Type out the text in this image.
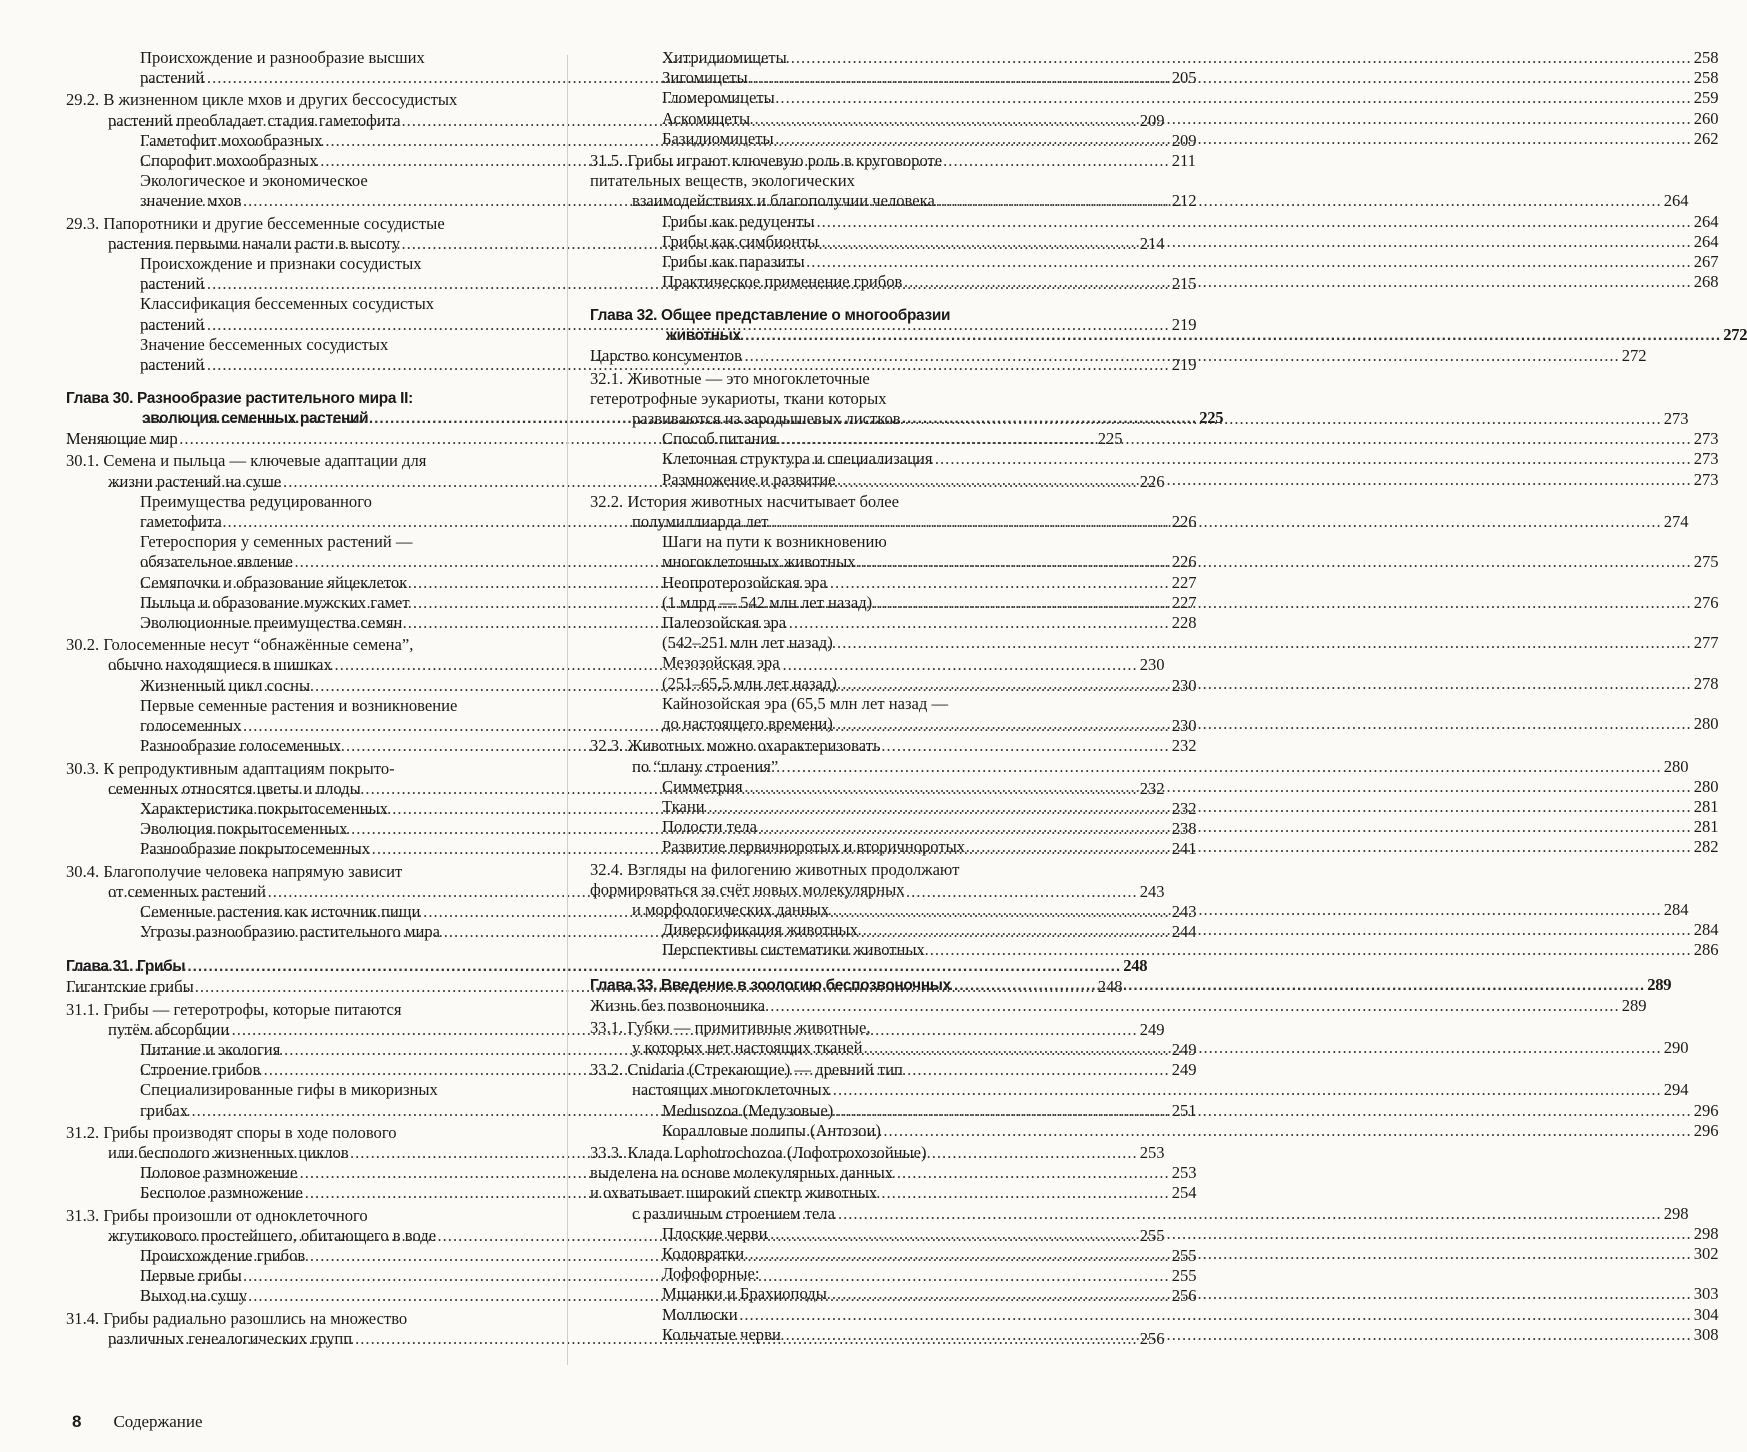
Происхождение и разнообразие высших
растений .....	205
29.2. В жизненном цикле мхов и других бессосудистых
растений преобладает стадия гаметофита .....	209
Гаметофит мохообразных .....	209
Спорофит мохообразных .....	211
Экологическое и экономическое
значение мхов .....	212
29.3. Папоротники и другие бессеменные сосудистые
растения первыми начали расти в высоту .....	214
Происхождение и признаки сосудистых
растений .....	215
Классификация бессеменных сосудистых
растений .....	219
Значение бессеменных сосудистых
растений .....	219
Глава 30. Разнообразие растительного мира II:
эволюция семенных растений .....	225
Меняющие мир .....	225
30.1. Семена и пыльца — ключевые адаптации для
жизни растений на суше .....	226
Преимущества редуцированного
гаметофита .....	226
Гетероспория у семенных растений —
обязательное явление .....	226
Семяпочки и образование яйцеклеток .....	227
Пыльца и образование мужских гамет .....	227
Эволюционные преимущества семян .....	228
30.2. Голосеменные несут “обнажённые семена”,
обычно находящиеся в шишках .....	230
Жизненный цикл сосны .....	230
Первые семенные растения и возникновение
голосеменных .....	230
Разнообразие голосеменных .....	232
30.3. К репродуктивным адаптациям покрыто-
семенных относятся цветы и плоды .....	232
Характеристика покрытосеменных .....	232
Эволюция покрытосеменных .....	238
Разнообразие покрытосеменных .....	241
30.4. Благополучие человека напрямую зависит
от семенных растений .....	243
Семенные растения как источник пищи .....	243
Угрозы разнообразию растительного мира .....	244
Глава 31. Грибы .....	248
Гигантские грибы .....	248
31.1. Грибы — гетеротрофы, которые питаются
путём абсорбции .....	249
Питание и экология .....	249
Строение грибов .....	249
Специализированные гифы в микоризных
грибах .....	251
31.2. Грибы производят споры в ходе полового
или бесполого жизненных циклов .....	253
Половое размножение .....	253
Бесполое размножение .....	254
31.3. Грибы произошли от одноклеточного
жгутикового простейшего, обитающего в воде .....	255
Происхождение грибов .....	255
Первые грибы .....	255
Выход на сушу .....	256
31.4. Грибы радиально разошлись на множество
различных генеалогических групп .....	256
Хитридиомицеты .....	258
Зигомицеты .....	258
Гломеромицеты .....	259
Аскомицеты .....	260
Базидиомицеты .....	262
31.5. Грибы играют ключевую роль в круговороте
питательных веществ, экологических
взаимодействиях и благополучии человека .....	264
Грибы как редуценты .....	264
Грибы как симбионты .....	264
Грибы как паразиты .....	267
Практическое применение грибов .....	268
Глава 32. Общее представление о многообразии
животных .....	272
Царство консументов .....	272
32.1. Животные — это многоклеточные
гетеротрофные эукариоты, ткани которых
развиваются из зародышевых листков .....	273
Способ питания .....	273
Клеточная структура и специализация .....	273
Размножение и развитие .....	273
32.2. История животных насчитывает более
полумиллиарда лет .....	274
Шаги на пути к возникновению
многоклеточных животных .....	275
Неопротерозойская эра
(1 млрд — 542 млн лет назад) .....	276
Палеозойская эра
(542–251 млн лет назад) .....	277
Мезозойская эра
(251–65,5 млн лет назад) .....	278
Кайнозойская эра (65,5 млн лет назад —
до настоящего времени) .....	280
32.3. Животных можно охарактеризовать
по “плану строения” .....	280
Симметрия .....	280
Ткани .....	281
Полости тела .....	281
Развитие первичноротых и вторичноротых .....	282
32.4. Взгляды на филогению животных продолжают
формироваться за счёт новых молекулярных
и морфологических данных .....	284
Диверсификация животных .....	284
Перспективы систематики животных .....	286
Глава 33. Введение в зоологию беспозвоночных .....	289
Жизнь без позвоночника .....	289
33.1. Губки — примитивные животные,
у которых нет настоящих тканей .....	290
33.2. Cnidaria (Стрекающие) — древний тип
настоящих многоклеточных .....	294
Medusozoa (Медузовые) .....	296
Коралловые полипы (Антозои) .....	296
33.3. Клада Lophotrochozoa (Лофотрохозойные)
выделена на основе молекулярных данных
и охватывает широкий спектр животных
с различным строением тела .....	298
Плоские черви .....	298
Коловратки .....	302
Лофофорные:
Мшанки и Брахиоподы .....	303
Моллюски .....	304
Кольчатые черви .....	308
8 Содержание
